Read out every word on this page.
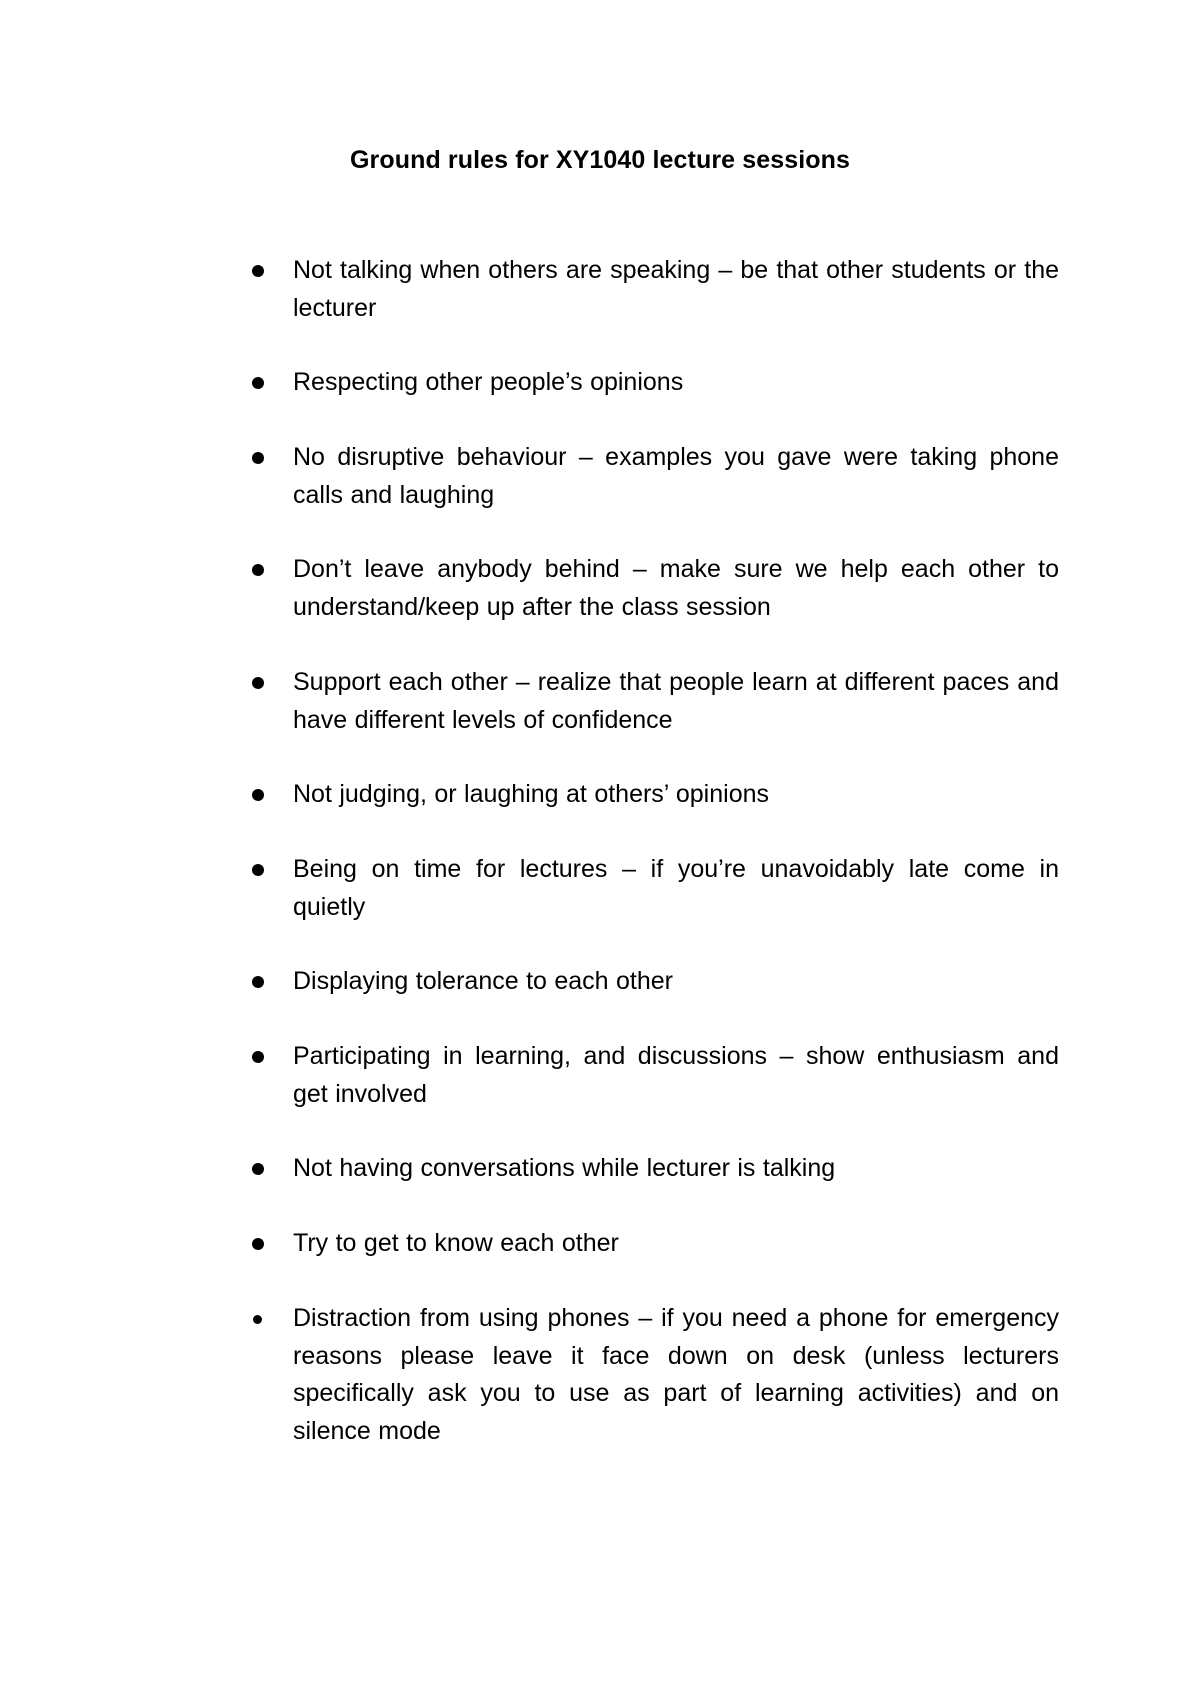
Ground rules for XY1040 lecture sessions
Not talking when others are speaking – be that other students or the lecturer
Respecting other people’s opinions
No disruptive behaviour – examples you gave were taking phone calls and laughing
Don’t leave anybody behind – make sure we help each other to understand/keep up after the class session
Support each other – realize that people learn at different paces and have different levels of confidence
Not judging, or laughing at others’ opinions
Being on time for lectures – if you’re unavoidably late come in quietly
Displaying tolerance to each other
Participating in learning, and discussions – show enthusiasm and get involved
Not having conversations while lecturer is talking
Try to get to know each other
Distraction from using phones – if you need a phone for emergency reasons please leave it face down on desk (unless lecturers specifically ask you to use as part of learning activities) and on silence mode
